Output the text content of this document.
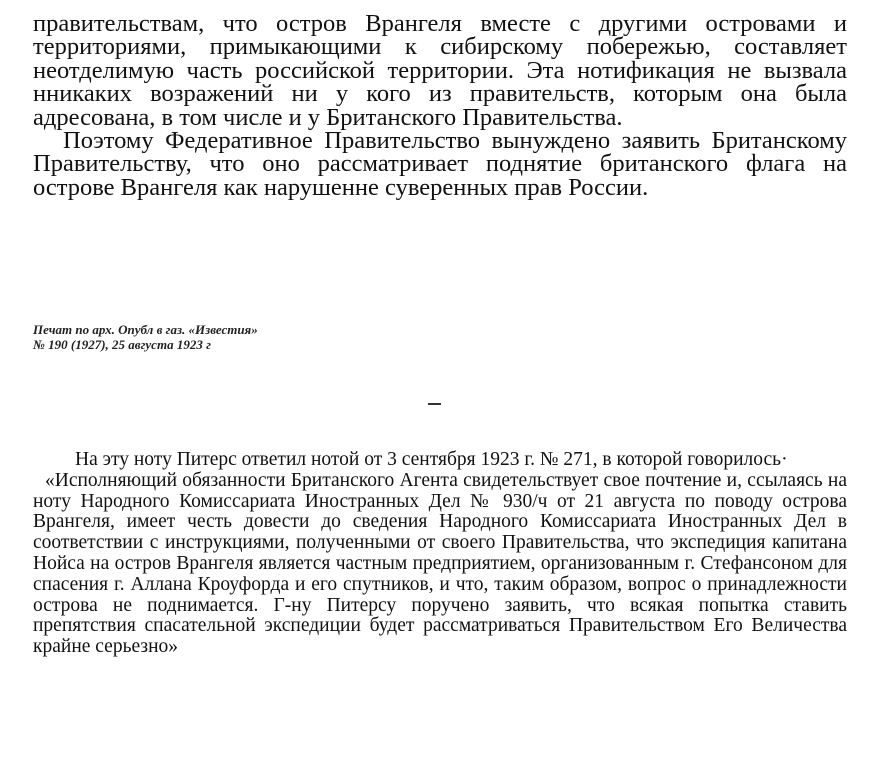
правительствам, что остров Врангеля вместе с другими островами и территориями, примыкающими к сибирскому побережью, составляет неотделимую часть российской территории. Эта нотификация не вызвала нникаких возражений ни у кого из правительств, которым она была адресована, в том числе и у Британского Правительства.

Поэтому Федеративное Правительство вынуждено заявить Британскому Правительству, что оно рассматривает поднятие британского флага на острове Врангеля как нарушенне суверенных прав России.

Печат по арх. Опубл в газ. «Известия»
№ 190 (1927), 25 августа 1923 г

На эту ноту Питерс ответил нотой от 3 сентября 1923 г. № 271, в которой говорилось·

«Исполняющий обязанности Британского Агента свидетельствует свое почтение и, ссылаясь на ноту Народного Комиссариата Иностранных Дел № 930/ч от 21 августа по поводу острова Врангеля, имеет честь довести до сведения Народного Комиссариата Иностранных Дел в соответствии с инструкциями, полученными от своего Правительства, что экспедиция капитана Нойса на остров Врангеля является частным предприятием, организованным г. Стефансоном для спасения г. Аллана Кроуфорда и его спутников, и что, таким образом, вопрос о принадлежности острова не поднимается. Г-ну Питерсу поручено заявить, что всякая попытка ставить препятствия спасательной экспедиции будет рассматриваться Правительством Его Величества крайне серьезно»
